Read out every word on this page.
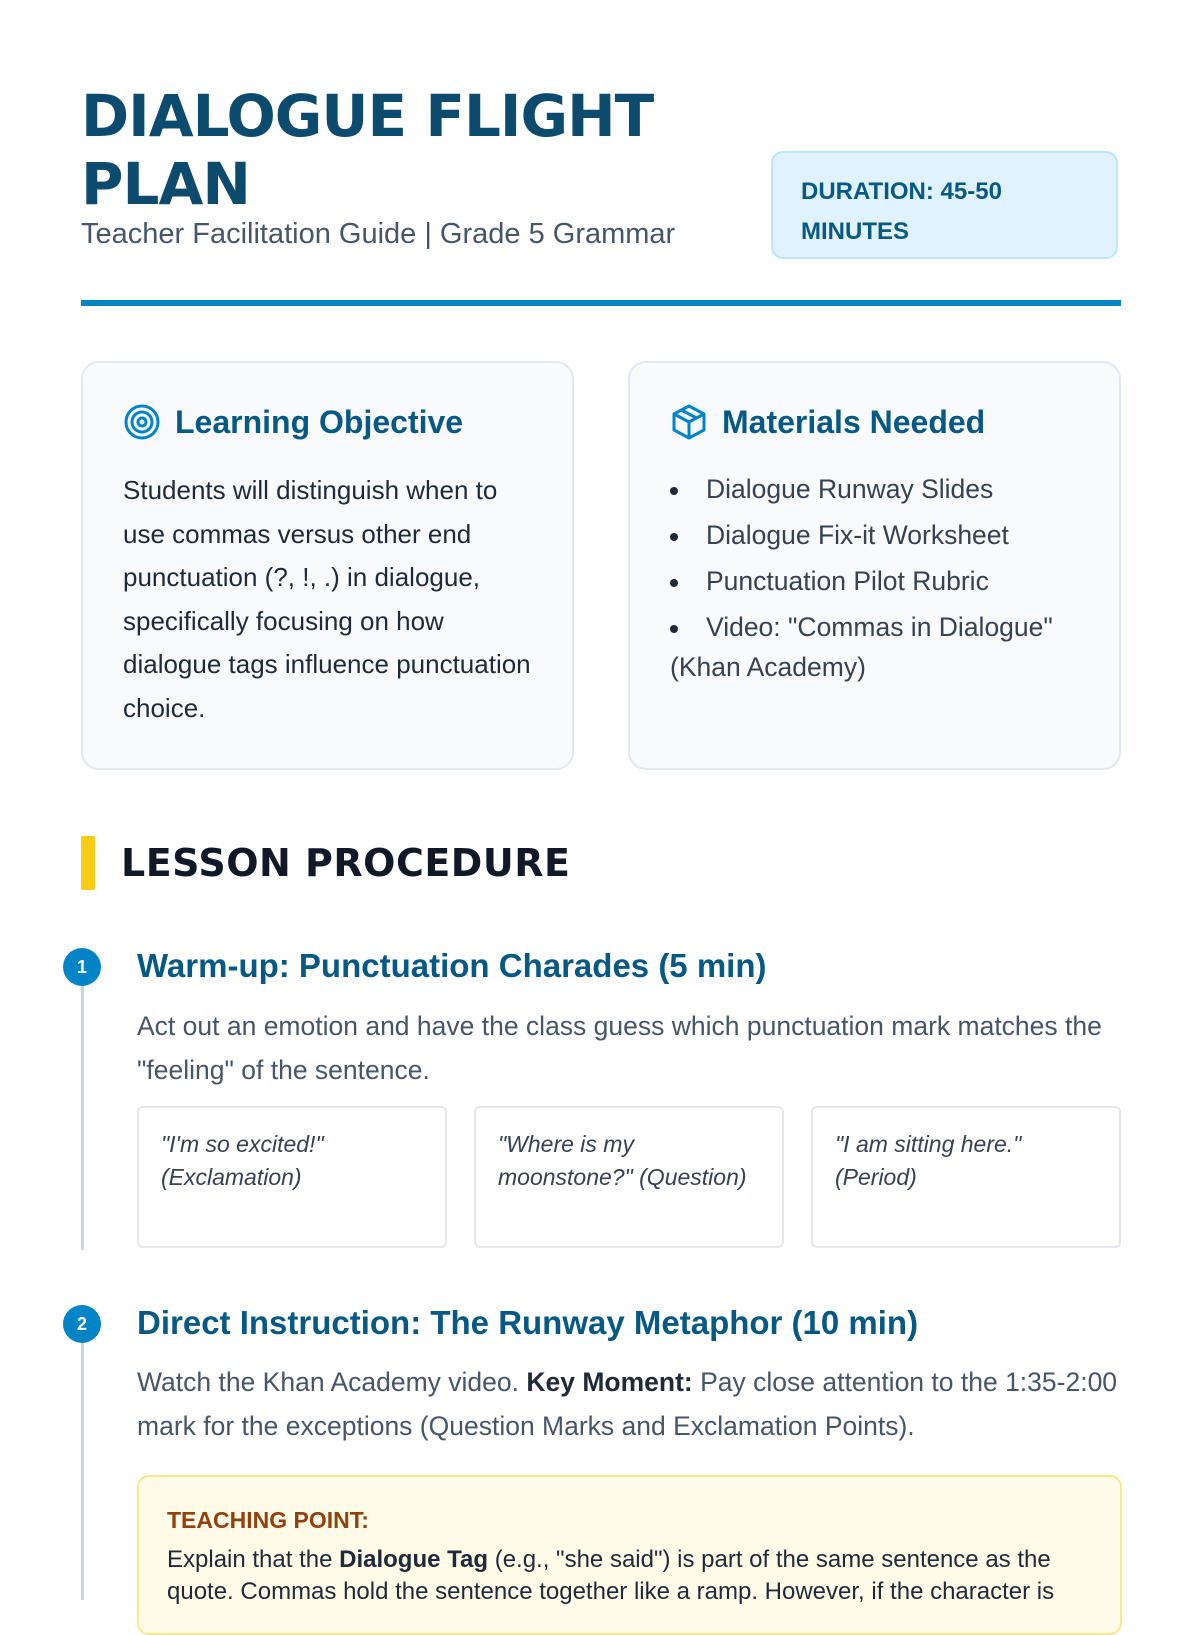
DIALOGUE FLIGHT PLAN
Teacher Facilitation Guide | Grade 5 Grammar
DURATION: 45-50 MINUTES
Learning Objective
Students will distinguish when to use commas versus other end punctuation (?, !, .) in dialogue, specifically focusing on how dialogue tags influence punctuation choice.
Materials Needed
Dialogue Runway Slides
Dialogue Fix-it Worksheet
Punctuation Pilot Rubric
Video: "Commas in Dialogue" (Khan Academy)
LESSON PROCEDURE
1	Warm-up: Punctuation Charades (5 min)
Act out an emotion and have the class guess which punctuation mark matches the "feeling" of the sentence.
"I'm so excited!" (Exclamation)
"Where is my moonstone?" (Question)
"I am sitting here." (Period)
2	Direct Instruction: The Runway Metaphor (10 min)
Watch the Khan Academy video. Key Moment: Pay close attention to the 1:35-2:00 mark for the exceptions (Question Marks and Exclamation Points).
TEACHING POINT:
Explain that the Dialogue Tag (e.g., "she said") is part of the same sentence as the quote. Commas hold the sentence together like a ramp. However, if the character is
